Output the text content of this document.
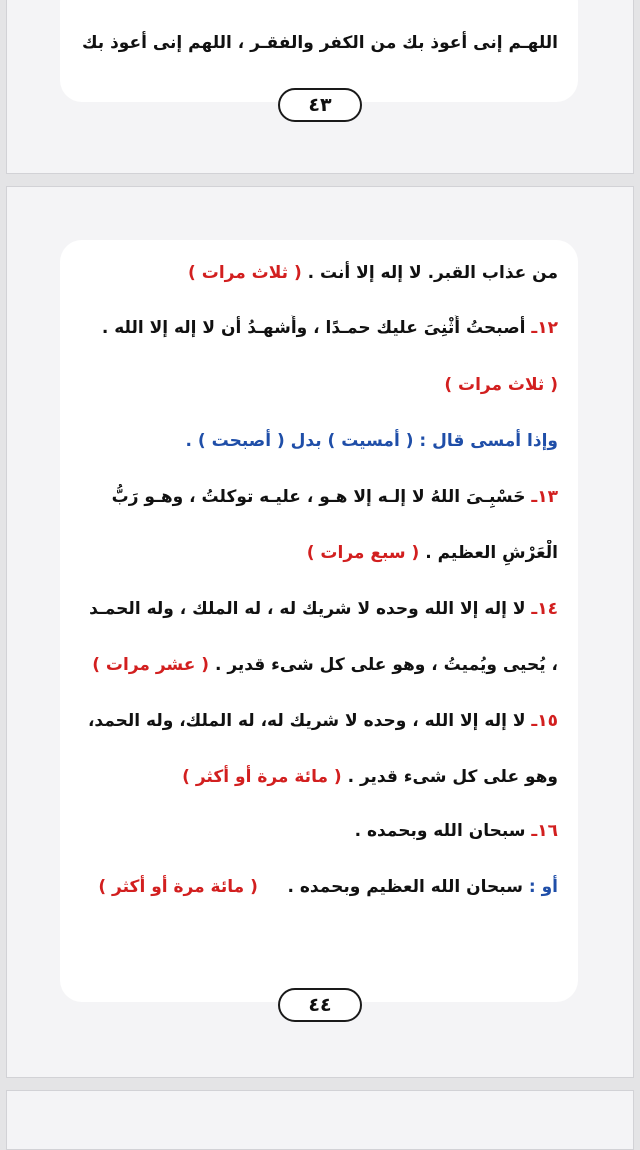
اللهـم إنى أعوذ بك من الكفر والفقـر ، اللهم إنى أعوذ بك
٤٣
من عذاب القبر. لا إله إلا أنت . ( ثلاث مرات )
١٢ـ أصبحتُ أُثْنِىَ عليك حمـدًا ، وأَشهـدُ أن لا إله إلا الله .
( ثلاث مرات )
وإذا أمسى قال : ( أمسيت ) بدل ( أصبحت ) .
١٣ـ حَسْبِـىَ اللهُ لا إلـه إلا هـو ، عليـه توكلتُ ، وهـو رَبُّ
الْعَرْشِ العظيم . ( سبع مرات )
١٤ـ لا إله إلا الله وحده لا شريك له ، له الملك ، وله الحمـد
، يُحيى ويُميتُ ، وهو على كل شىء قدير . ( عشر مرات )
١٥ـ لا إله إلا الله ، وحده لا شريك له، له الملك، وله الحمد،
وهو على كل شىء قدير . ( مائة مرة أو أكثر )
١٦ـ سبحان الله وبحمده .
أو : سبحان الله العظيم وبحمده .     ( مائة مرة أو أكثر )
٤٤
